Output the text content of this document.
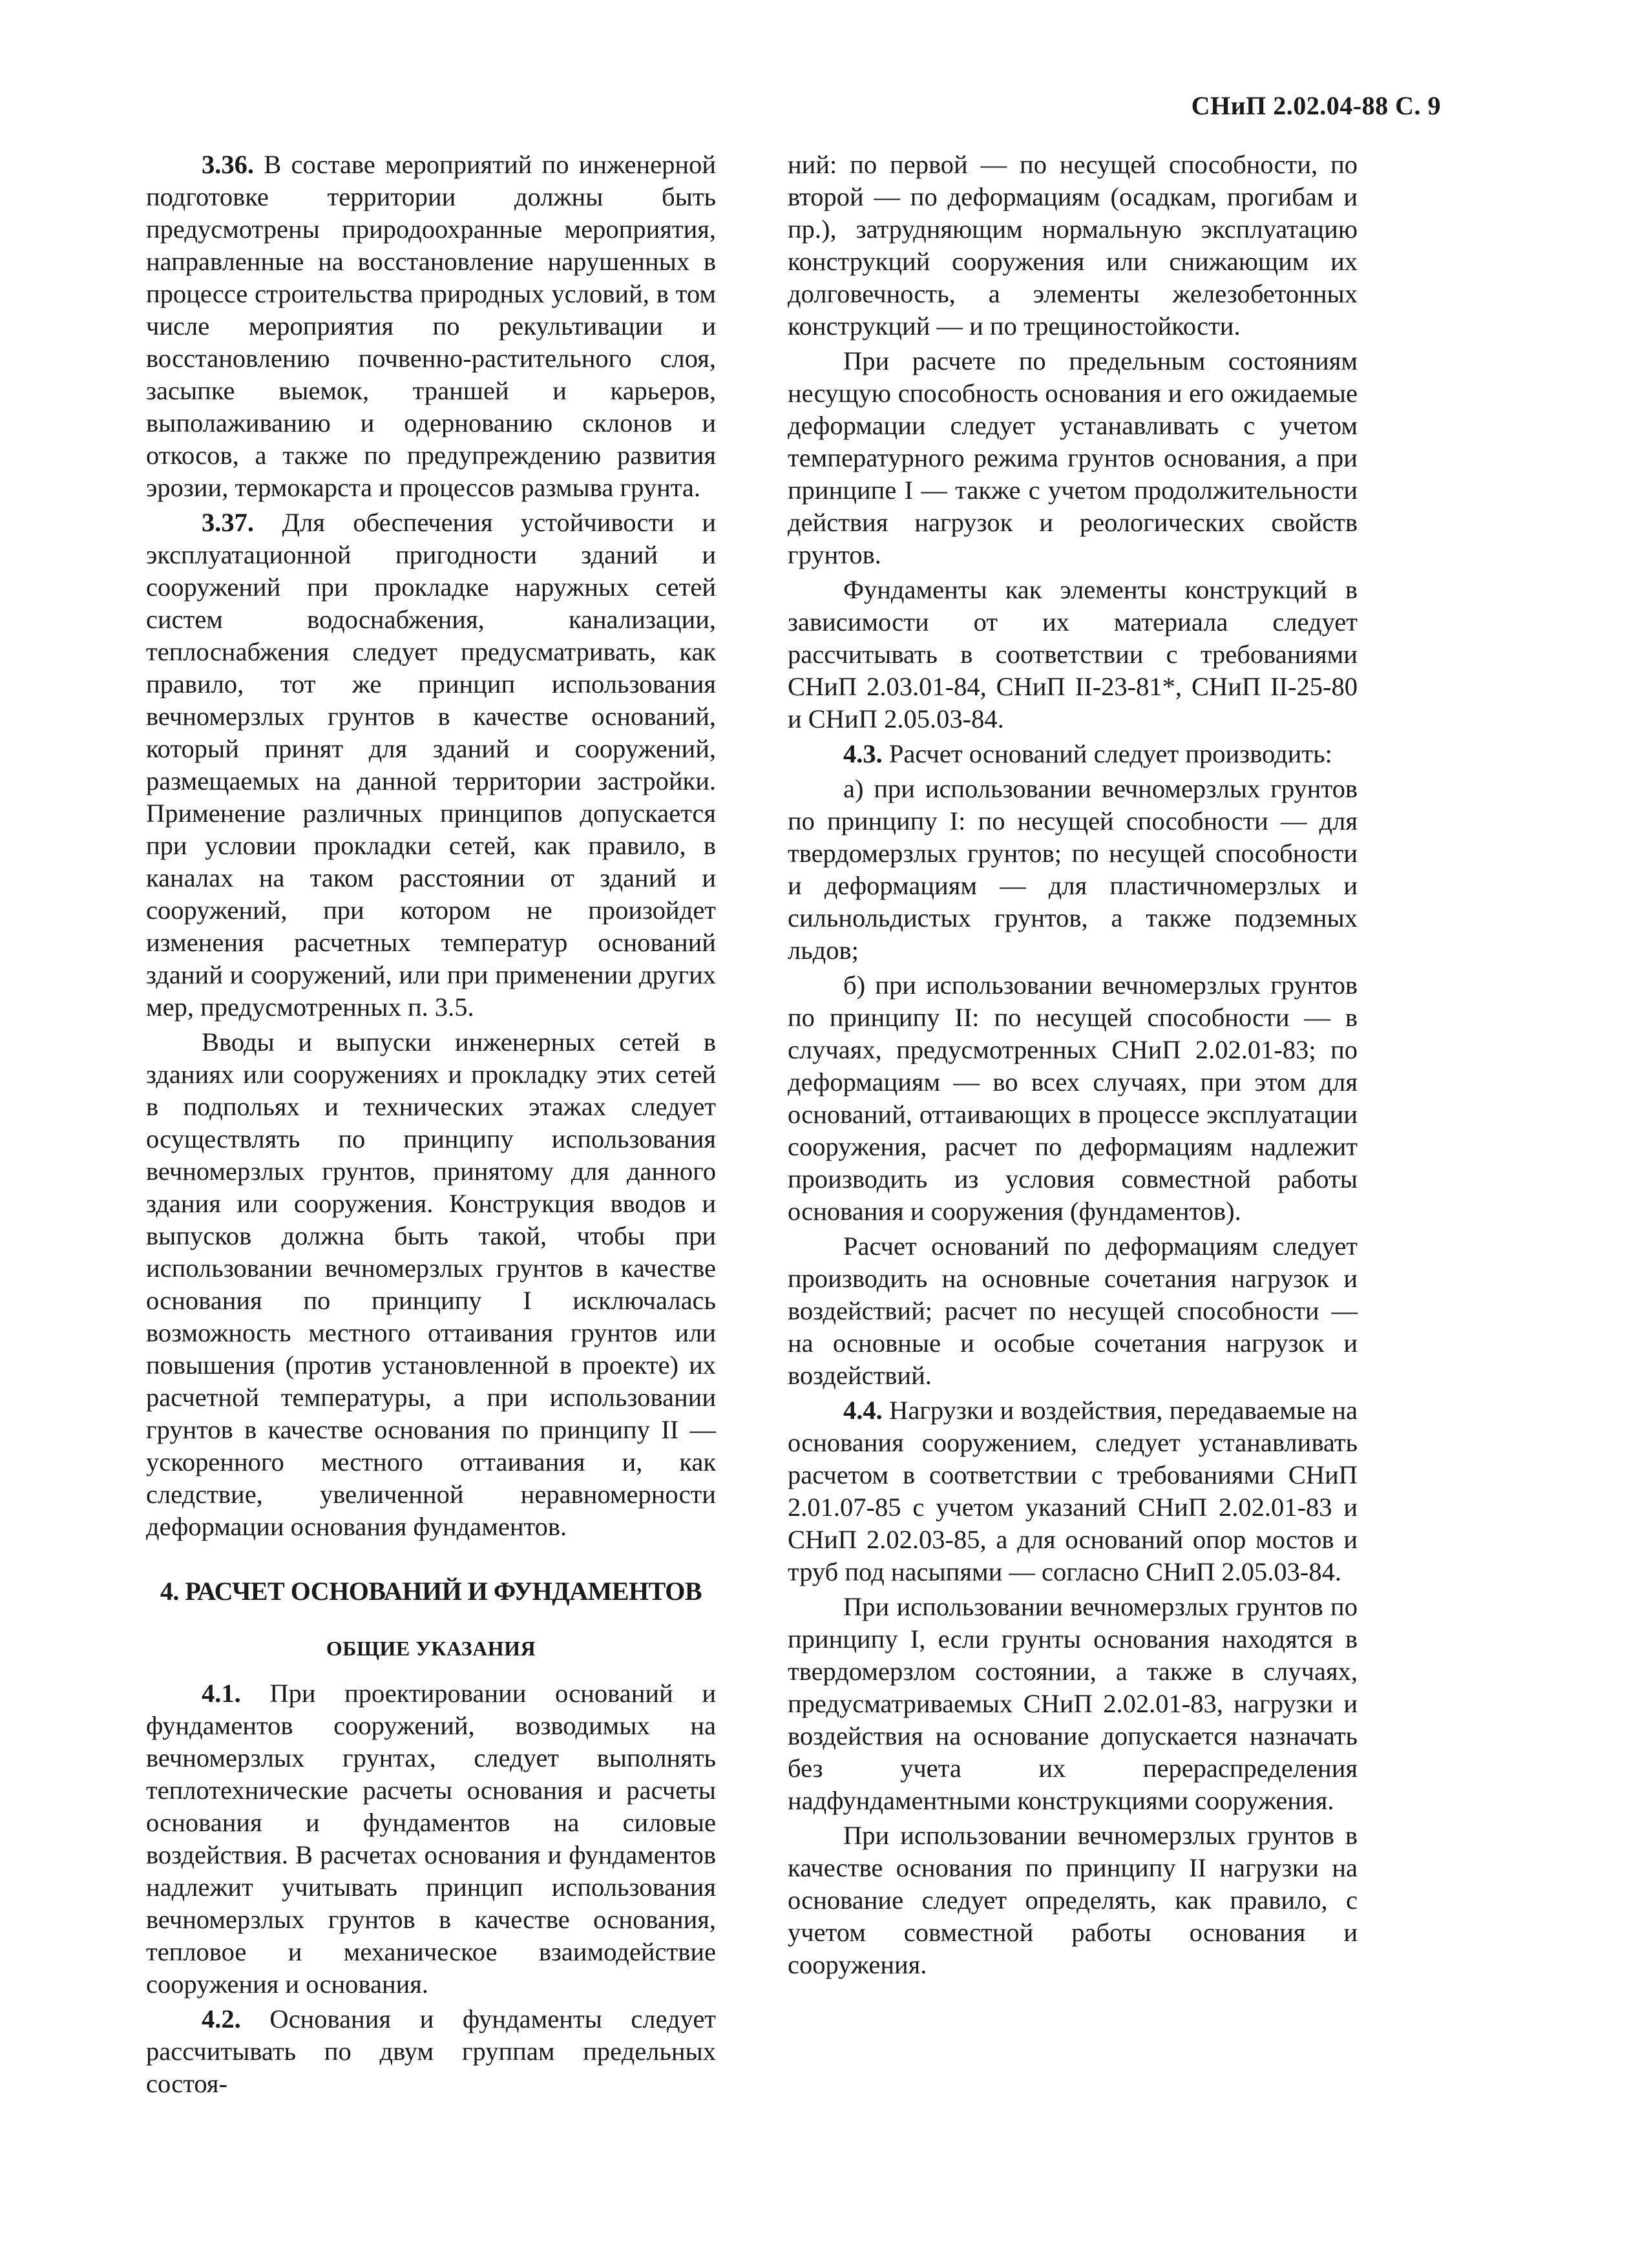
СНиП 2.02.04-88 С. 9

3.36. В составе мероприятий по инженерной подготовке территории должны быть предусмотрены природоохранные мероприятия, направленные на восстановление нарушенных в процессе строительства природных условий, в том числе мероприятия по рекультивации и восстановлению почвенно-растительного слоя, засыпке выемок, траншей и карьеров, выполаживанию и одернованию склонов и откосов, а также по предупреждению развития эрозии, термокарста и процессов размыва грунта.

3.37. Для обеспечения устойчивости и эксплуатационной пригодности зданий и сооружений при прокладке наружных сетей систем водоснабжения, канализации, теплоснабжения следует предусматривать, как правило, тот же принцип использования вечномерзлых грунтов в качестве оснований, который принят для зданий и сооружений, размещаемых на данной территории застройки. Применение различных принципов допускается при условии прокладки сетей, как правило, в каналах на таком расстоянии от зданий и сооружений, при котором не произойдет изменения расчетных температур оснований зданий и сооружений, или при применении других мер, предусмотренных п. 3.5.

Вводы и выпуски инженерных сетей в зданиях или сооружениях и прокладку этих сетей в подпольях и технических этажах следует осуществлять по принципу использования вечномерзлых грунтов, принятому для данного здания или сооружения. Конструкция вводов и выпусков должна быть такой, чтобы при использовании вечномерзлых грунтов в качестве основания по принципу I исключалась возможность местного оттаивания грунтов или повышения (против установленной в проекте) их расчетной температуры, а при использовании грунтов в качестве основания по принципу II — ускоренного местного оттаивания и, как следствие, увеличенной неравномерности деформации основания фундаментов.

4. РАСЧЕТ ОСНОВАНИЙ И ФУНДАМЕНТОВ
ОБЩИЕ УКАЗАНИЯ

4.1. При проектировании оснований и фундаментов сооружений, возводимых на вечномерзлых грунтах, следует выполнять теплотехнические расчеты основания и расчеты основания и фундаментов на силовые воздействия. В расчетах основания и фундаментов надлежит учитывать принцип использования вечномерзлых грунтов в качестве основания, тепловое и механическое взаимодействие сооружения и основания.

4.2. Основания и фундаменты следует рассчитывать по двум группам предельных состоя-

ний: по первой — по несущей способности, по второй — по деформациям (осадкам, прогибам и пр.), затрудняющим нормальную эксплуатацию конструкций сооружения или снижающим их долговечность, а элементы железобетонных конструкций — и по трещиностойкости.

При расчете по предельным состояниям несущую способность основания и его ожидаемые деформации следует устанавливать с учетом температурного режима грунтов основания, а при принципе I — также с учетом продолжительности действия нагрузок и реологических свойств грунтов.

Фундаменты как элементы конструкций в зависимости от их материала следует рассчитывать в соответствии с требованиями СНиП 2.03.01-84, СНиП II-23-81*, СНиП II-25-80 и СНиП 2.05.03-84.

4.3. Расчет оснований следует производить:

а) при использовании вечномерзлых грунтов по принципу I: по несущей способности — для твердомерзлых грунтов; по несущей способности и деформациям — для пластичномерзлых и сильнольдистых грунтов, а также подземных льдов;

б) при использовании вечномерзлых грунтов по принципу II: по несущей способности — в случаях, предусмотренных СНиП 2.02.01-83; по деформациям — во всех случаях, при этом для оснований, оттаивающих в процессе эксплуатации сооружения, расчет по деформациям надлежит производить из условия совместной работы основания и сооружения (фундаментов).

Расчет оснований по деформациям следует производить на основные сочетания нагрузок и воздействий; расчет по несущей способности — на основные и особые сочетания нагрузок и воздействий.

4.4. Нагрузки и воздействия, передаваемые на основания сооружением, следует устанавливать расчетом в соответствии с требованиями СНиП 2.01.07-85 с учетом указаний СНиП 2.02.01-83 и СНиП 2.02.03-85, а для оснований опор мостов и труб под насыпями — согласно СНиП 2.05.03-84.

При использовании вечномерзлых грунтов по принципу I, если грунты основания находятся в твердомерзлом состоянии, а также в случаях, предусматриваемых СНиП 2.02.01-83, нагрузки и воздействия на основание допускается назначать без учета их перераспределения надфундаментными конструкциями сооружения.

При использовании вечномерзлых грунтов в качестве основания по принципу II нагрузки на основание следует определять, как правило, с учетом совместной работы основания и сооружения.
